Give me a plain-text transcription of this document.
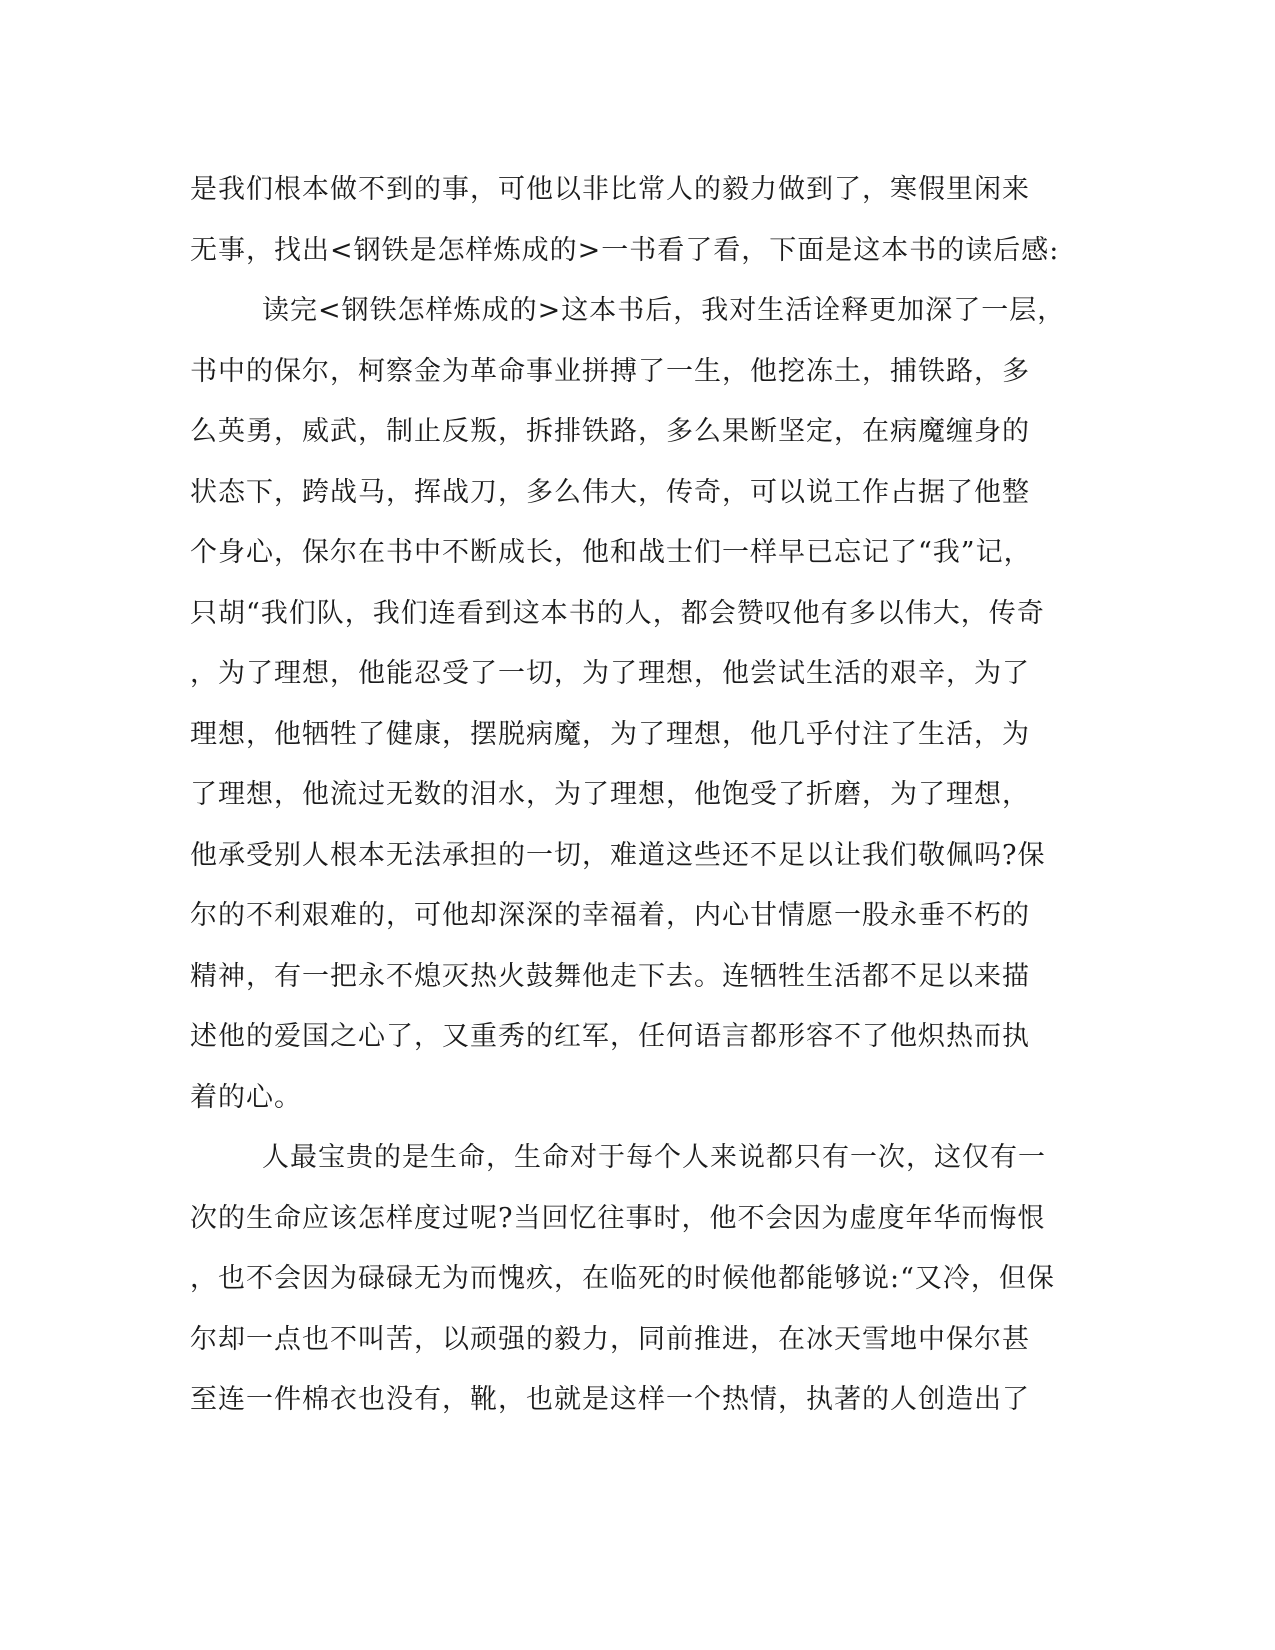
是我们根本做不到的事，可他以非比常人的毅力做到了，寒假里闲来
无事，找出<钢铁是怎样炼成的>一书看了看，下面是这本书的读后感:
读完<钢铁怎样炼成的>这本书后，我对生活诠释更加深了一层，
书中的保尔，柯察金为革命事业拼搏了一生，他挖冻土，捕铁路，多
么英勇，威武，制止反叛，拆排铁路，多么果断坚定，在病魔缠身的
状态下，跨战马，挥战刀，多么伟大，传奇，可以说工作占据了他整
个身心，保尔在书中不断成长，他和战士们一样早已忘记了“我”记，
只胡“我们队，我们连看到这本书的人，都会赞叹他有多以伟大，传奇
，为了理想，他能忍受了一切，为了理想，他尝试生活的艰辛，为了
理想，他牺牲了健康，摆脱病魔，为了理想，他几乎付注了生活，为
了理想，他流过无数的泪水，为了理想，他饱受了折磨，为了理想，
他承受别人根本无法承担的一切，难道这些还不足以让我们敬佩吗?保
尔的不利艰难的，可他却深深的幸福着，内心甘情愿一股永垂不朽的
精神，有一把永不熄灭热火鼓舞他走下去。连牺牲生活都不足以来描
述他的爱国之心了，又重秀的红军，任何语言都形容不了他炽热而执
着的心。
人最宝贵的是生命，生命对于每个人来说都只有一次，这仅有一
次的生命应该怎样度过呢?当回忆往事时，他不会因为虚度年华而悔恨
，也不会因为碌碌无为而愧疚，在临死的时候他都能够说:“又冷，但保
尔却一点也不叫苦，以顽强的毅力，同前推进，在冰天雪地中保尔甚
至连一件棉衣也没有，靴，也就是这样一个热情，执著的人创造出了
